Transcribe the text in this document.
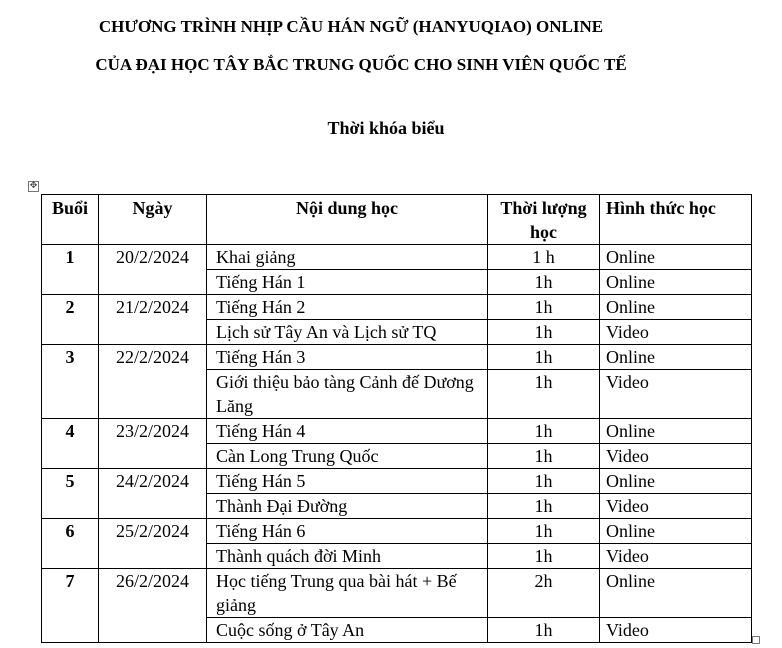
CHƯƠNG TRÌNH NHỊP CẦU HÁN NGỮ (HANYUQIAO) ONLINE
CỦA ĐẠI HỌC TÂY BẮC TRUNG QUỐC CHO SINH VIÊN QUỐC TẾ
Thời khóa biểu
✥
Buổi	Ngày	Nội dung học	Thời lượng học	Hình thức học
1	20/2/2024	Khai giảng	1 h	Online
		Tiếng Hán 1	1h	Online
2	21/2/2024	Tiếng Hán 2	1h	Online
		Lịch sử Tây An và Lịch sử TQ	1h	Video
3	22/2/2024	Tiếng Hán 3	1h	Online
		Giới thiệu bảo tàng Cảnh đế Dương Lăng	1h	Video
4	23/2/2024	Tiếng Hán 4	1h	Online
		Càn Long Trung Quốc	1h	Video
5	24/2/2024	Tiếng Hán 5	1h	Online
		Thành Đại Đường	1h	Video
6	25/2/2024	Tiếng Hán 6	1h	Online
		Thành quách đời Minh	1h	Video
7	26/2/2024	Học tiếng Trung qua bài hát + Bế giảng	2h	Online
		Cuộc sống ở Tây An	1h	Video
